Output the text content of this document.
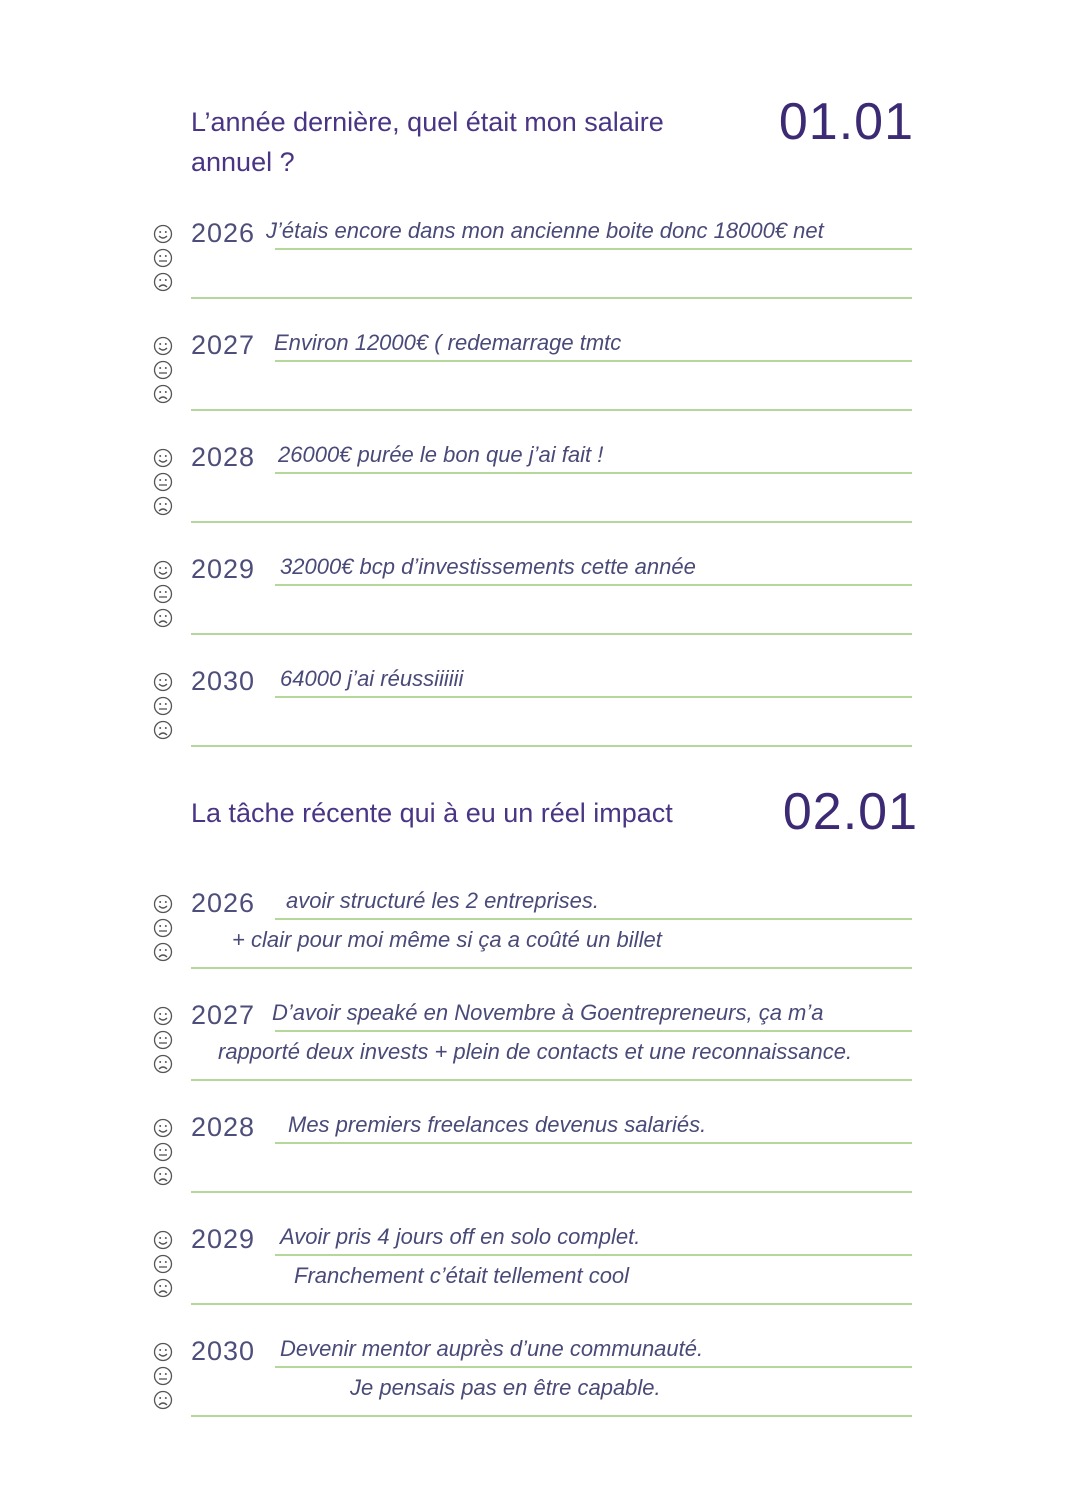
L’année dernière, quel était mon salaire
annuel ?
01.01
2026 J’étais encore dans mon ancienne boite donc 18000€ net
2027 Environ 12000€ ( redemarrage tmtc
2028 26000€ purée le bon que j’ai fait !
2029 32000€ bcp d’investissements cette année
2030 64000 j’ai réussiiiiii
La tâche récente qui à eu un réel impact 02.01
2026 avoir structuré les 2 entreprises.
+ clair pour moi même si ça a coûté un billet
2027 D’avoir speaké en Novembre à Goentrepreneurs, ça m’a
rapporté deux invests + plein de contacts et une reconnaissance.
2028 Mes premiers freelances devenus salariés.
2029 Avoir pris 4 jours off en solo complet.
Franchement c’était tellement cool
2030 Devenir mentor auprès d’une communauté.
Je pensais pas en être capable.
